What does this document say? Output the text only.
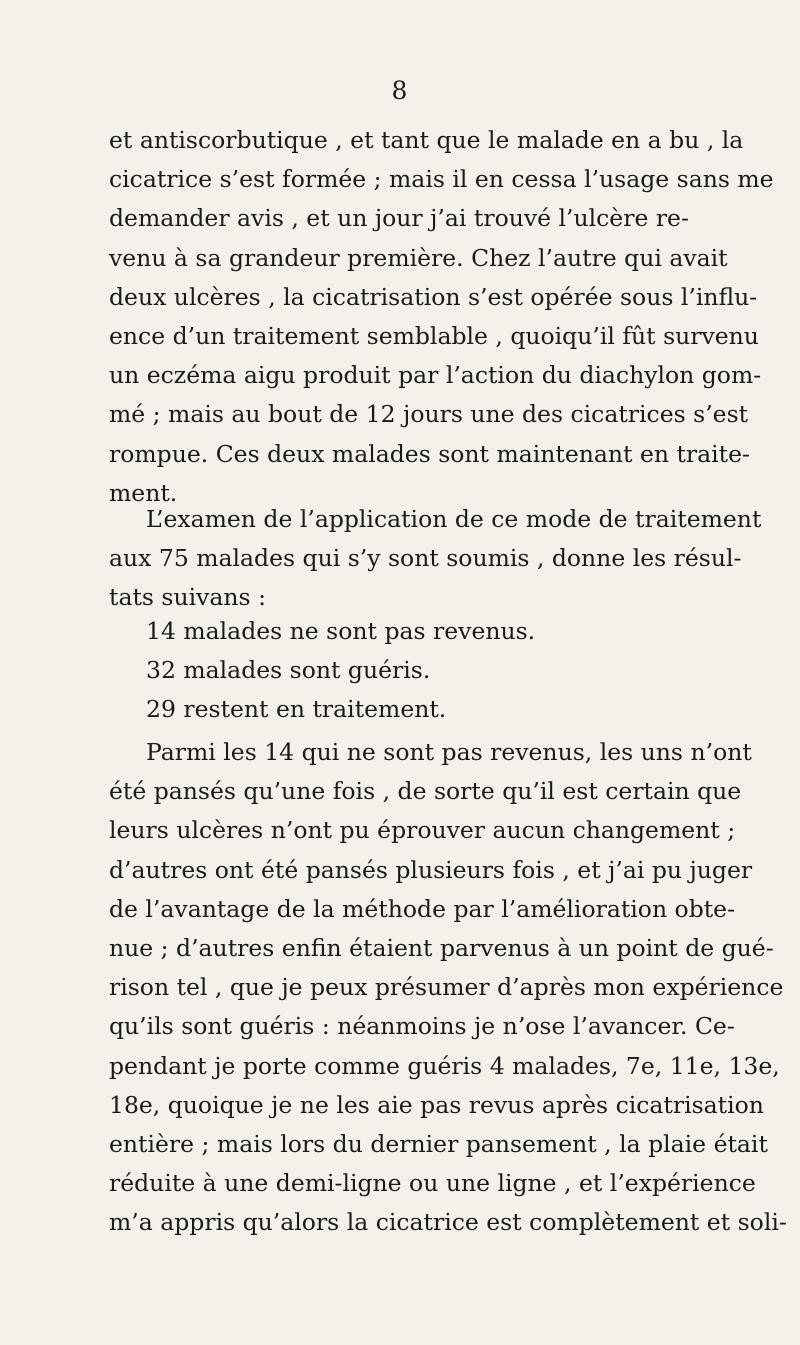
8
et antiscorbutique , et tant que le malade en a bu , la
cicatrice s’est formée ; mais il en cessa l’usage sans me
demander avis , et un jour j’ai trouvé l’ulcère re-
venu à sa grandeur première. Chez l’autre qui avait
deux ulcères , la cicatrisation s’est opérée sous l’influ-
ence d’un traitement semblable , quoiqu’il fût survenu
un eczéma aigu produit par l’action du diachylon gom-
mé ; mais au bout de 12 jours une des cicatrices s’est
rompue. Ces deux malades sont maintenant en traite-
ment.
L’examen de l’application de ce mode de traitement
aux 75 malades qui s’y sont soumis , donne les résul-
tats suivans :
14 malades ne sont pas revenus.
32 malades sont guéris.
29 restent en traitement.
Parmi les 14 qui ne sont pas revenus, les uns n’ont
été pansés qu’une fois , de sorte qu’il est certain que
leurs ulcères n’ont pu éprouver aucun changement ;
d’autres ont été pansés plusieurs fois , et j’ai pu juger
de l’avantage de la méthode par l’amélioration obte-
nue ; d’autres enfin étaient parvenus à un point de gué-
rison tel , que je peux présumer d’après mon expérience
qu’ils sont guéris : néanmoins je n’ose l’avancer. Ce-
pendant je porte comme guéris 4 malades, 7e, 11e, 13e,
18e, quoique je ne les aie pas revus après cicatrisation
entière ; mais lors du dernier pansement , la plaie était
réduite à une demi-ligne ou une ligne , et l’expérience
m’a appris qu’alors la cicatrice est complètement et soli-
